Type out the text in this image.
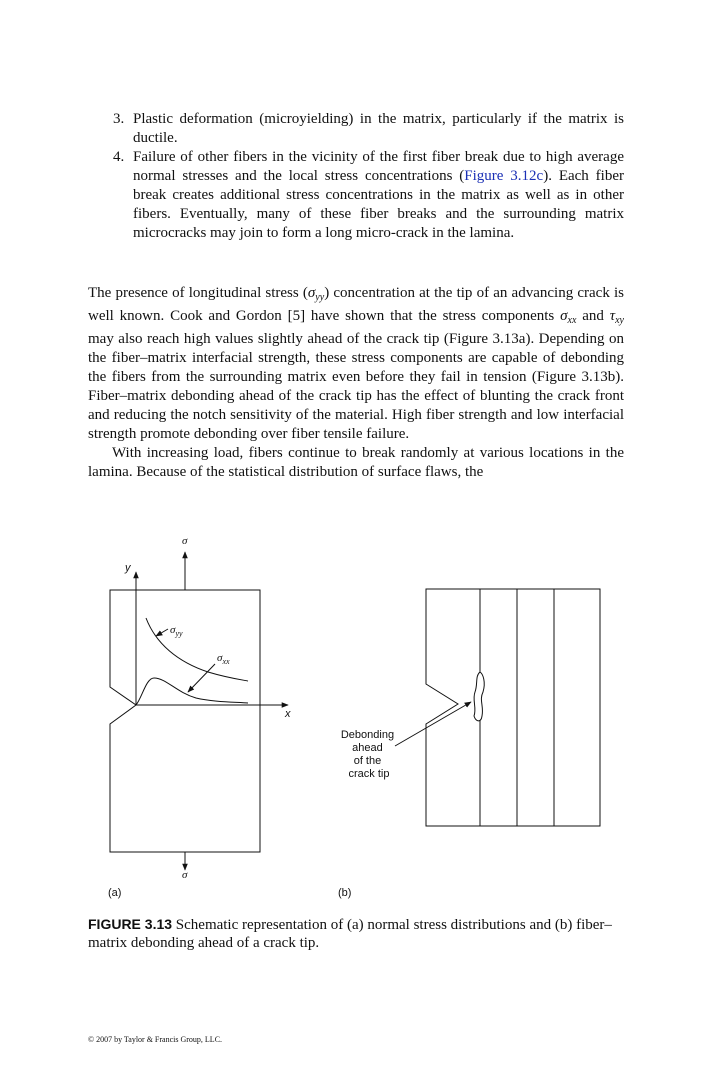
3. Plastic deformation (microyielding) in the matrix, particularly if the matrix is ductile.
4. Failure of other fibers in the vicinity of the first fiber break due to high average normal stresses and the local stress concentrations (Figure 3.12c). Each fiber break creates additional stress concentrations in the matrix as well as in other fibers. Eventually, many of these fiber breaks and the surrounding matrix microcracks may join to form a long micro-crack in the lamina.

The presence of longitudinal stress $(\sigma_{yy})$ concentration at the tip of an advancing crack is well known. Cook and Gordon [5] have shown that the stress components $\sigma_{xx}$ and $\tau_{xy}$ may also reach high values slightly ahead of the crack tip (Figure 3.13a). Depending on the fiber–matrix interfacial strength, these stress components are capable of debonding the fibers from the surrounding matrix even before they fail in tension (Figure 3.13b). Fiber–matrix debonding ahead of the crack tip has the effect of blunting the crack front and reducing the notch sensitivity of the material. High fiber strength and low interfacial strength promote debonding over fiber tensile failure.

With increasing load, fibers continue to break randomly at various locations in the lamina. Because of the statistical distribution of surface flaws, the

σ
σ
y
x
$\sigma_{yy}$
$\sigma_{xx}$
(a)
Debonding ahead of the crack tip
(b)

FIGURE 3.13 Schematic representation of (a) normal stress distributions and (b) fiber–matrix debonding ahead of a crack tip.

© 2007 by Taylor & Francis Group, LLC.
